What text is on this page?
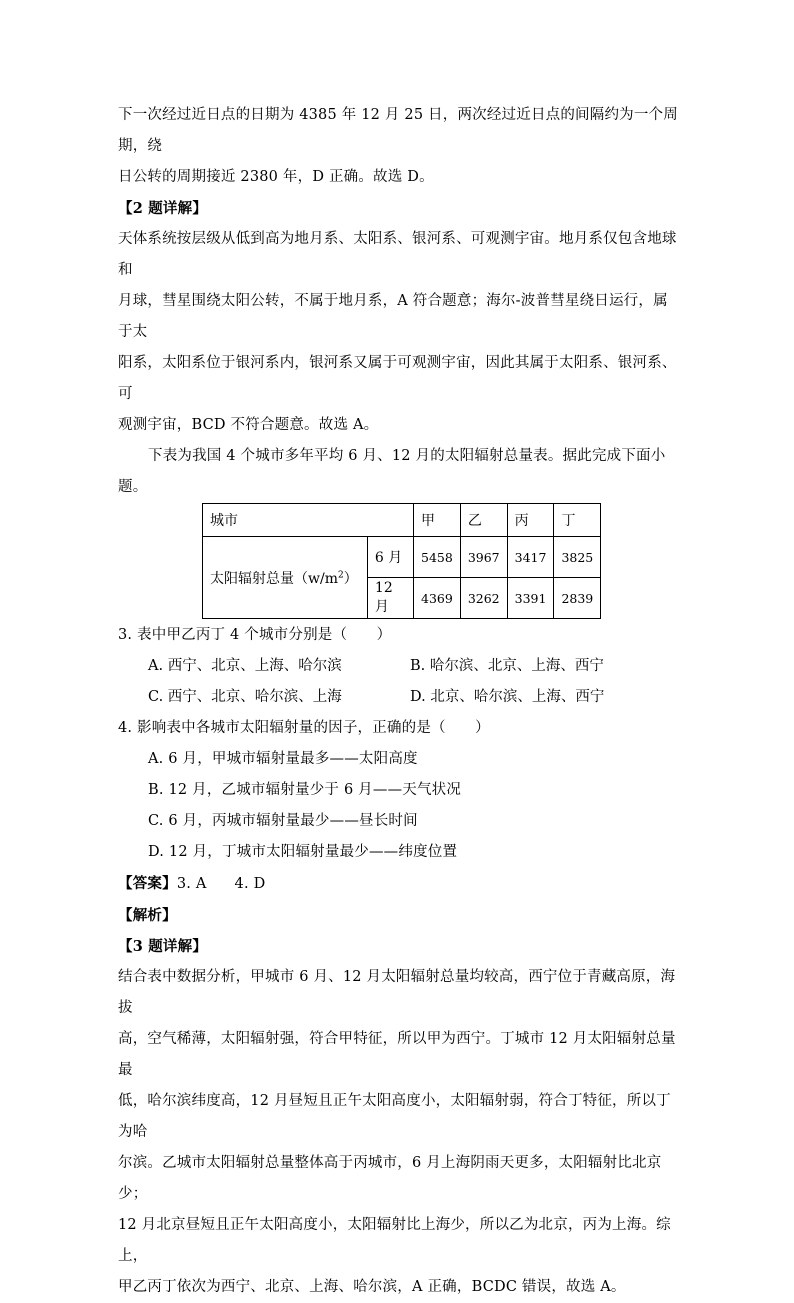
下一次经过近日点的日期为 4385 年 12 月 25 日，两次经过近日点的间隔约为一个周期，绕

日公转的周期接近 2380 年，D 正确。故选 D。

【2 题详解】

天体系统按层级从低到高为地月系、太阳系、银河系、可观测宇宙。地月系仅包含地球和

月球，彗星围绕太阳公转，不属于地月系，A 符合题意；海尔-波普彗星绕日运行，属于太

阳系，太阳系位于银河系内，银河系又属于可观测宇宙，因此其属于太阳系、银河系、可

观测宇宙，BCD 不符合题意。故选 A。

下表为我国 4 个城市多年平均 6 月、12 月的太阳辐射总量表。据此完成下面小题。

城市		甲	乙	丙	丁
太阳辐射总量$(w/m^2)$	6 月	5458	3967	3417	3825
	12 月	4369	3262	3391	2839

3. 表中甲乙丙丁 4 个城市分别是（　　）

A. 西宁、北京、上海、哈尔滨	B. 哈尔滨、北京、上海、西宁
C. 西宁、北京、哈尔滨、上海	D. 北京、哈尔滨、上海、西宁

4. 影响表中各城市太阳辐射量的因子，正确的是（　　）

A. 6 月，甲城市辐射量最多——太阳高度

B. 12 月，乙城市辐射量少于 6 月——天气状况

C. 6 月，丙城市辐射量最少——昼长时间

D. 12 月，丁城市太阳辐射量最少——纬度位置

【答案】3. A 4. D

【解析】

【3 题详解】

结合表中数据分析，甲城市 6 月、12 月太阳辐射总量均较高，西宁位于青藏高原，海拔

高，空气稀薄，太阳辐射强，符合甲特征，所以甲为西宁。丁城市 12 月太阳辐射总量最

低，哈尔滨纬度高，12 月昼短且正午太阳高度小，太阳辐射弱，符合丁特征，所以丁为哈

尔滨。乙城市太阳辐射总量整体高于丙城市，6 月上海阴雨天更多，太阳辐射比北京少；

12 月北京昼短且正午太阳高度小，太阳辐射比上海少，所以乙为北京，丙为上海。综上，

甲乙丙丁依次为西宁、北京、上海、哈尔滨，A 正确，BCDC 错误，故选 A。
